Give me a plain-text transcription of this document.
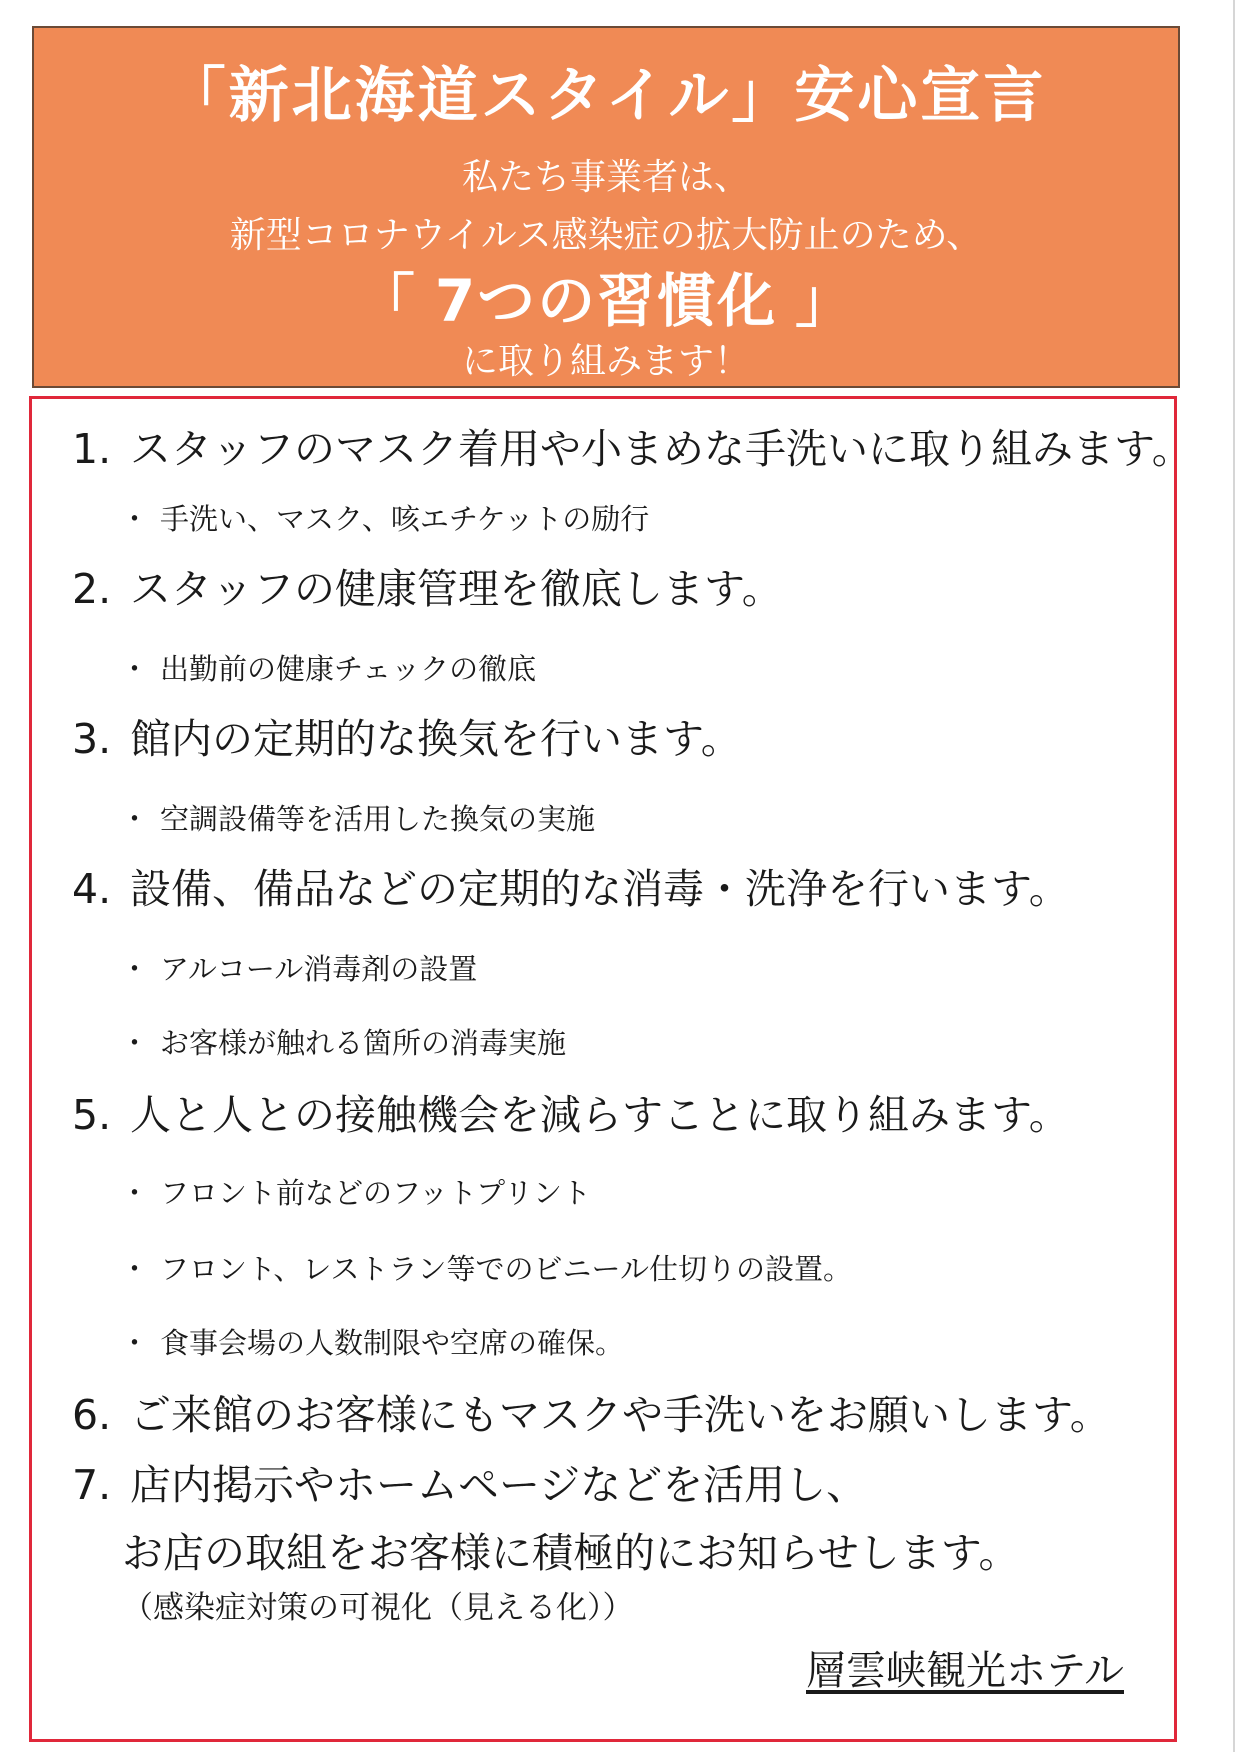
「新北海道スタイル」安心宣言
私たち事業者は、
新型コロナウイルス感染症の拡大防止のため、
「 7つの習慣化 」
に取り組みます！
1. スタッフのマスク着用や小まめな手洗いに取り組みます。
・ 手洗い、マスク、咳エチケットの励行
2. スタッフの健康管理を徹底します。
・ 出勤前の健康チェックの徹底
3. 館内の定期的な換気を行います。
・ 空調設備等を活用した換気の実施
4. 設備、備品などの定期的な消毒・洗浄を行います。
・ アルコール消毒剤の設置
・ お客様が触れる箇所の消毒実施
5. 人と人との接触機会を減らすことに取り組みます。
・ フロント前などのフットプリント
・ フロント、レストラン等でのビニール仕切りの設置。
・ 食事会場の人数制限や空席の確保。
6. ご来館のお客様にもマスクや手洗いをお願いします。
7. 店内掲示やホームページなどを活用し、
お店の取組をお客様に積極的にお知らせします。
（感染症対策の可視化（見える化））
層雲峡観光ホテル
